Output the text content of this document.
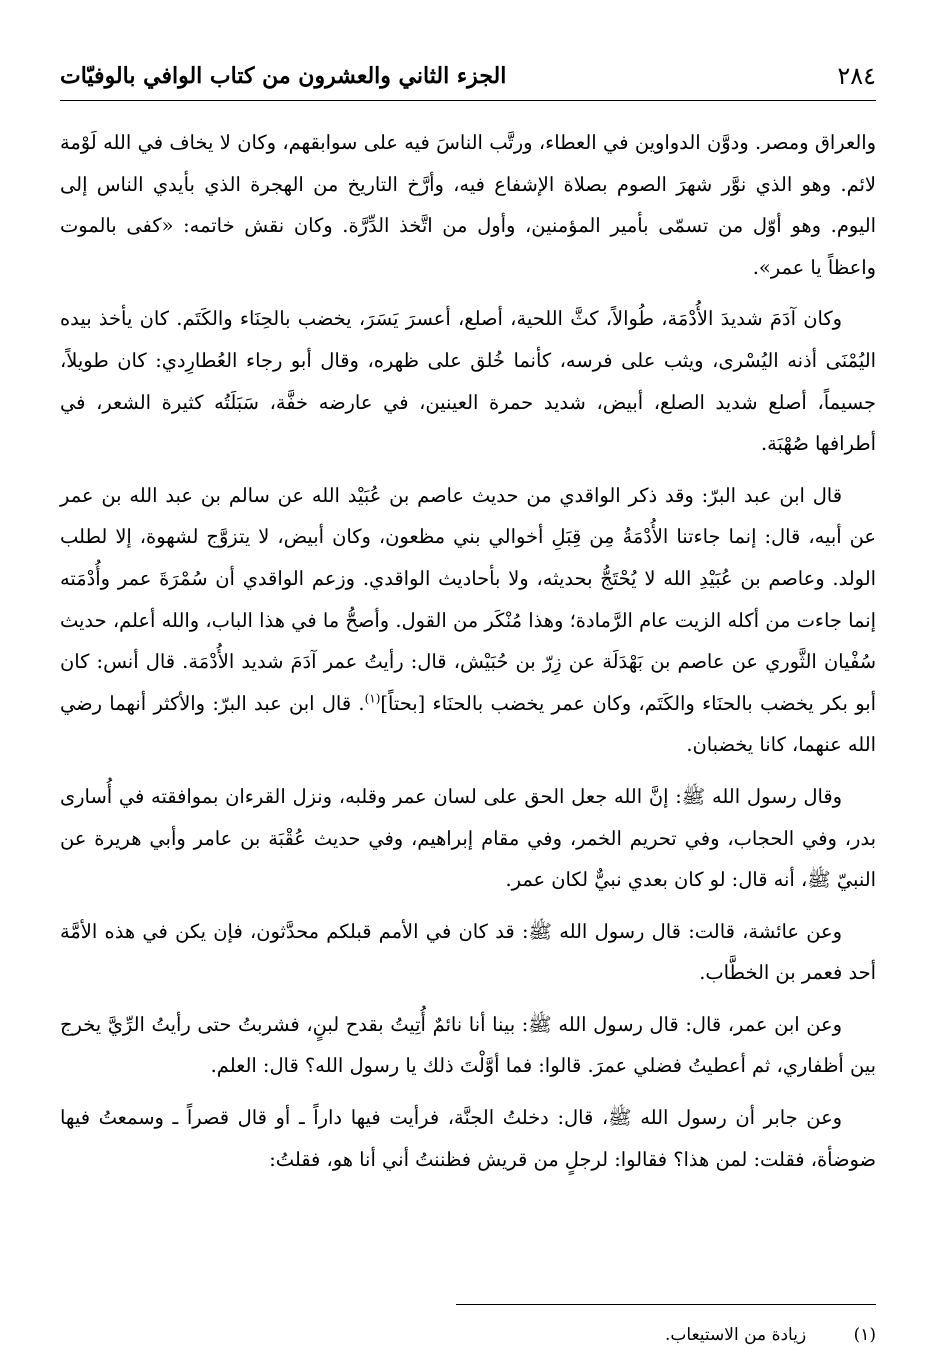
٢٨٤
الجزء الثاني والعشرون من كتاب الوافي بالوفيّات

والعراق ومصر. ودوَّن الدواوين في العطاء، ورتَّب الناسَ فيه على سوابقهم، وكان لا يخاف في الله لَوْمة لائم. وهو الذي نوَّر شهرَ الصوم بصلاة الإشفاع فيه، وأرَّخ التاريخ من الهجرة الذي بأيدي الناس إلى اليوم. وهو أوّل من تسمّى بأمير المؤمنين، وأول من اتَّخذ الدِّرَّة. وكان نقش خاتمه: «كفى بالموت واعظاً يا عمر».

وكان آدَمَ شديدَ الأُدْمَة، طُوالاً، كثَّ اللحية، أصلع، أعسرَ يَسَرَ، يخضب بالحِنَاء والكَتَم. كان يأخذ بيده اليُمْنَى أذنه اليُسْرى، ويثب على فرسه، كأنما خُلق على ظهره، وقال أبو رجاء العُطارِدي: كان طويلاً، جسيماً، أصلع شديد الصلع، أبيض، شديد حمرة العينين، في عارضه خفَّة، سَبَلَتُه كثيرة الشعر، في أطرافها صُهْبَة.

قال ابن عبد البرّ: وقد ذكر الواقدي من حديث عاصم بن عُبَيْد الله عن سالم بن عبد الله بن عمر عن أبيه، قال: إنما جاءتنا الأُدْمَةُ مِن قِبَلِ أخوالي بني مظعون، وكان أبيض، لا يتزوَّج لشهوة، إلا لطلب الولد. وعاصم بن عُبَيْدِ الله لا يُحْتَجُّ بحديثه، ولا بأحاديث الواقدي. وزعم الواقدي أن سُمْرَةَ عمر وأُدْمَته إنما جاءت من أكله الزيت عام الرَّمادة؛ وهذا مُنْكَر من القول. وأصحُّ ما في هذا الباب، والله أعلم، حديث سُفْيان الثَّوري عن عاصم بن بَهْدَلَة عن زِرّ بن حُبَيْش، قال: رأيتُ عمر آدَمَ شديد الأُدْمَة. قال أنس: كان أبو بكر يخضب بالحنَاء والكَتَم، وكان عمر يخضب بالحنَاء [بحتاً]$^{(١)}$. قال ابن عبد البرّ: والأكثر أنهما رضي الله عنهما، كانا يخضبان.

وقال رسول الله ﷺ: إنَّ الله جعل الحق على لسان عمر وقلبه، ونزل القرءان بموافقته في أُسارى بدر، وفي الحجاب، وفي تحريم الخمر، وفي مقام إبراهيم، وفي حديث عُقْبَة بن عامر وأبي هريرة عن النبيّ ﷺ، أنه قال: لو كان بعدي نبيٌّ لكان عمر.

وعن عائشة، قالت: قال رسول الله ﷺ: قد كان في الأمم قبلكم محدَّثون، فإن يكن في هذه الأمَّة أحد فعمر بن الخطَّاب.

وعن ابن عمر، قال: قال رسول الله ﷺ: بينا أنا نائمٌ أُتِيتُ بقدح لبنٍ، فشربتُ حتى رأيتُ الرِّيَّ يخرج بين أظفاري، ثم أعطيتُ فضلي عمرَ. قالوا: فما أوَّلْتَ ذلك يا رسول الله؟ قال: العلم.

وعن جابر أن رسول الله ﷺ، قال: دخلتُ الجنَّة، فرأيت فيها داراً ـ أو قال قصراً ـ وسمعتُ فيها ضوضأة، فقلت: لمن هذا؟ فقالوا: لرجلٍ من قريش فظننتُ أني أنا هو، فقلتُ:

(١) زيادة من الاستيعاب.
